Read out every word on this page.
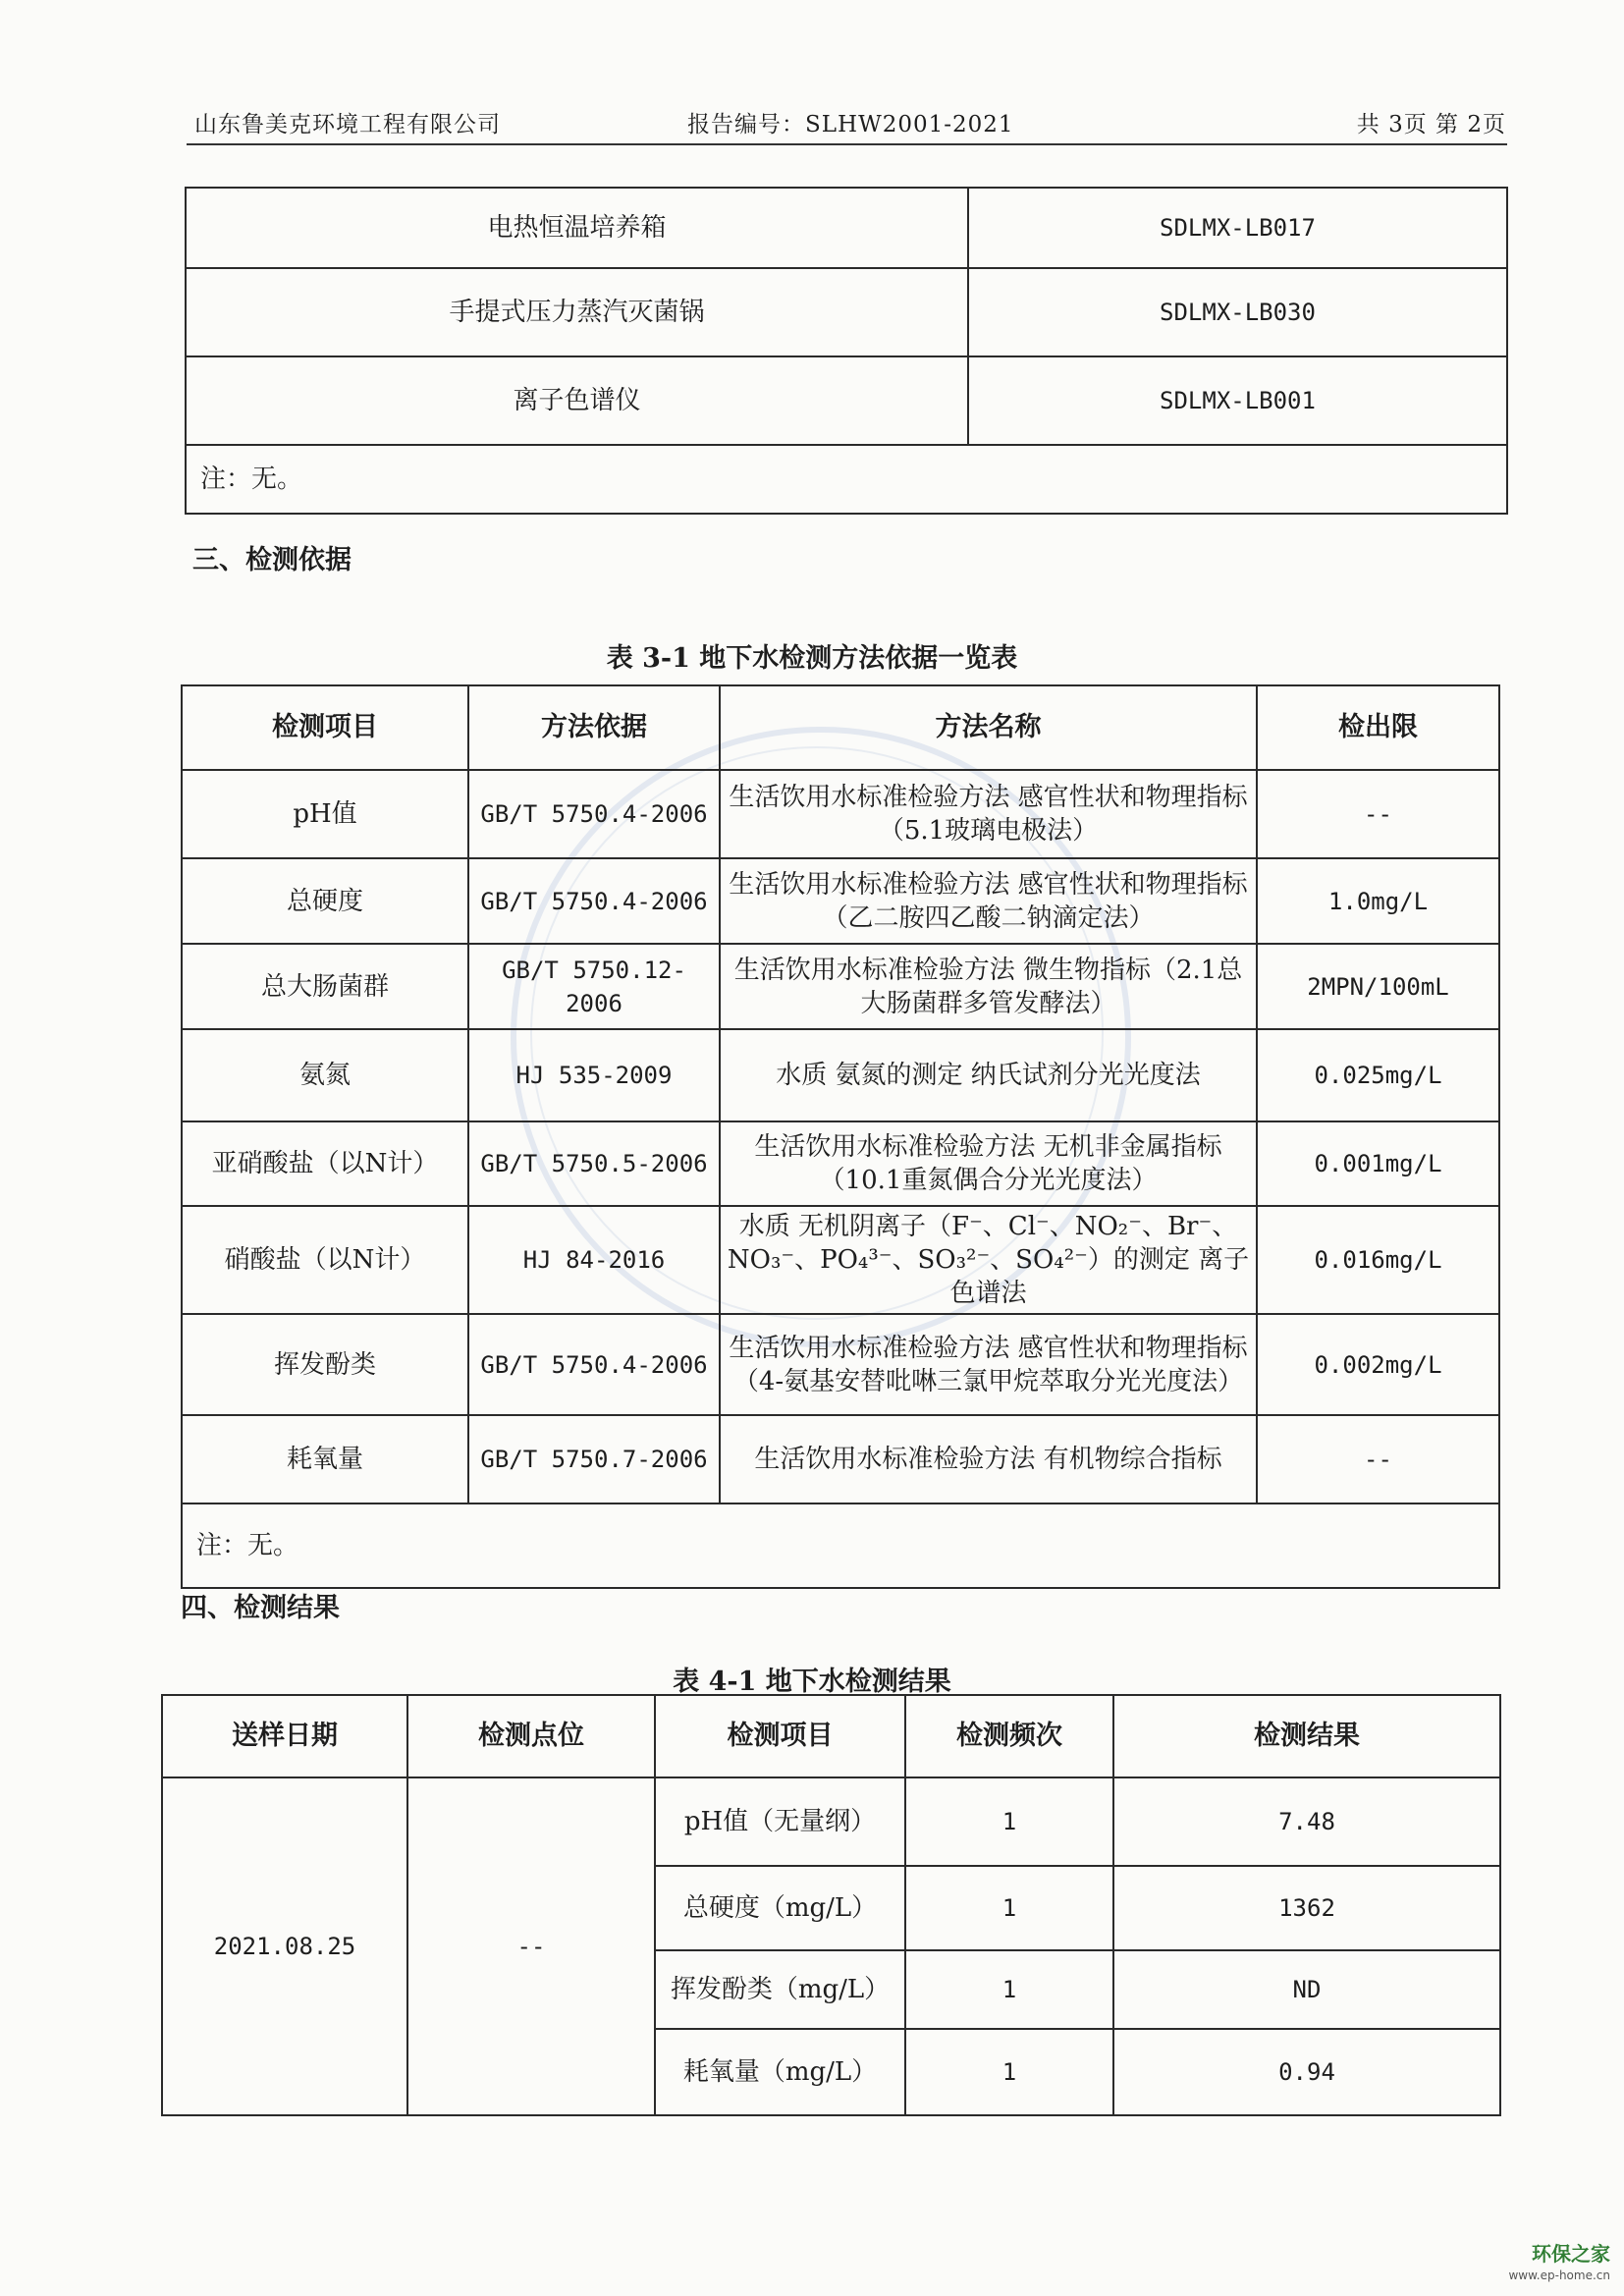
山东鲁美克环境工程有限公司	报告编号：SLHW2001-2021	共 3页 第 2页
电热恒温培养箱	SDLMX-LB017
手提式压力蒸汽灭菌锅	SDLMX-LB030
离子色谱仪	SDLMX-LB001
注：无。	
三、检测依据
表 3-1 地下水检测方法依据一览表
检测项目	方法依据	方法名称	检出限
pH值	GB/T 5750.4-2006	生活饮用水标准检验方法 感官性状和物理指标（5.1玻璃电极法）	--
总硬度	GB/T 5750.4-2006	生活饮用水标准检验方法 感官性状和物理指标（乙二胺四乙酸二钠滴定法）	1.0mg/L
总大肠菌群	GB/T 5750.12-2006	生活饮用水标准检验方法 微生物指标（2.1总大肠菌群多管发酵法）	2MPN/100mL
氨氮	HJ 535-2009	水质 氨氮的测定 纳氏试剂分光光度法	0.025mg/L
亚硝酸盐（以N计）	GB/T 5750.5-2006	生活饮用水标准检验方法 无机非金属指标（10.1重氮偶合分光光度法）	0.001mg/L
硝酸盐（以N计）	HJ 84-2016	水质 无机阴离子（F⁻、Cl⁻、NO₂⁻、Br⁻、NO₃⁻、PO₄³⁻、SO₃²⁻、SO₄²⁻）的测定 离子色谱法	0.016mg/L
挥发酚类	GB/T 5750.4-2006	生活饮用水标准检验方法 感官性状和物理指标（4-氨基安替吡啉三氯甲烷萃取分光光度法）	0.002mg/L
耗氧量	GB/T 5750.7-2006	生活饮用水标准检验方法 有机物综合指标	--
注：无。			
四、检测结果
表 4-1 地下水检测结果
送样日期	检测点位	检测项目	检测频次	检测结果
2021.08.25	--	pH值（无量纲）	1	7.48
		总硬度（mg/L）	1	1362
		挥发酚类（mg/L）	1	ND
		耗氧量（mg/L）	1	0.94
环保之家
www.ep-home.cn
